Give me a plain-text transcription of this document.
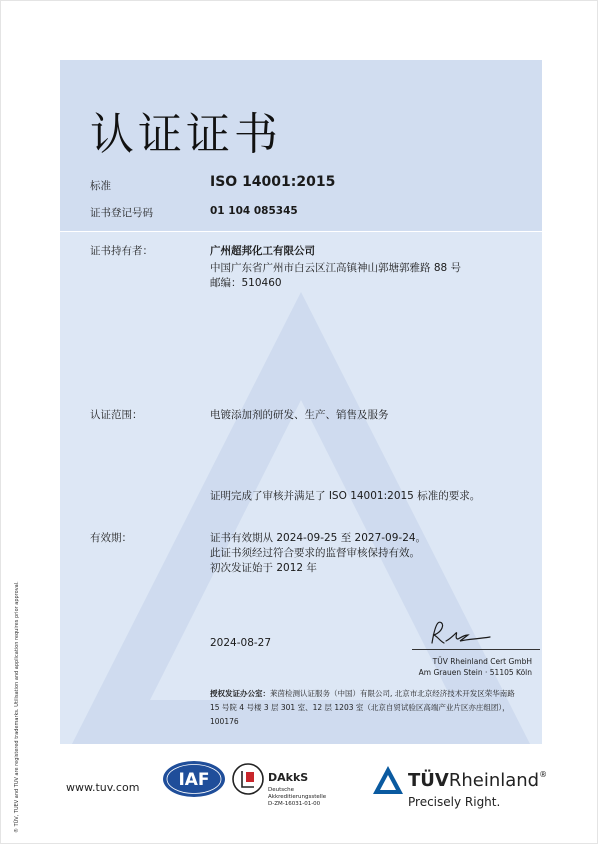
认证证书
标准	ISO 14001:2015
证书登记号码	01 104 085345
证书持有者：	广州超邦化工有限公司
中国广东省广州市白云区江高镇神山郭塘郭雅路 88 号
邮编：510460
认证范围：	电镀添加剂的研发、生产、销售及服务
证明完成了审核并满足了 ISO 14001:2015 标准的要求。
有效期：	证书有效期从 2024-09-25 至 2027-09-24。
此证书须经过符合要求的监督审核保持有效。
初次发证始于 2012 年
2024-08-27
TÜV Rheinland Cert GmbH
Am Grauen Stein · 51105 Köln
授权发证办公室：莱茵检测认证服务（中国）有限公司, 北京市北京经济技术开发区荣华南路
15 号院 4 号楼 3 层 301 室、12 层 1203 室（北京自贸试验区高端产业片区亦庄组团），
100176
® TÜV, TUEV and TUV are registered trademarks. Utilisation and application requires prior approval.	www.tuv.com IAF	DAkkS
Deutsche
Akkreditierungsstelle
D-ZM-16031-01-00
TÜVRheinland®
Precisely Right.
